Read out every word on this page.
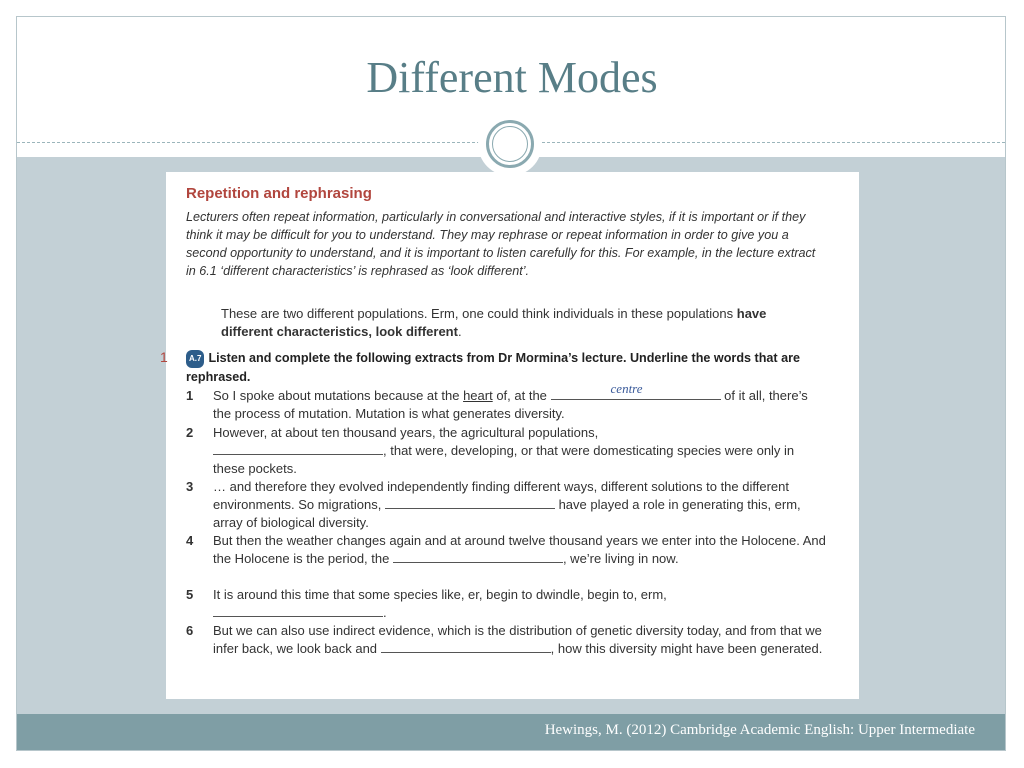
Different Modes
Repetition and rephrasing
Lecturers often repeat information, particularly in conversational and interactive styles, if it is important or if they think it may be difficult for you to understand. They may rephrase or repeat information in order to give you a second opportunity to understand, and it is important to listen carefully for this. For example, in the lecture extract in 6.1 ‘different characteristics’ is rephrased as ‘look different’.
These are two different populations. Erm, one could think individuals in these populations have different characteristics, look different.
1	A.7 Listen and complete the following extracts from Dr Mormina’s lecture. Underline the words that are rephrased.
1 So I spoke about mutations because at the heart of, at the	centre	of it all, there’s the process of mutation. Mutation is what generates diversity.
2 However, at about ten thousand years, the agricultural populations,
, that were, developing, or that were domesticating species were only in these pockets.
3 … and therefore they evolved independently finding different ways, different solutions to the different environments. So migrations,	have played a role in generating this, erm, array of biological diversity.
4 But then the weather changes again and at around twelve thousand years we enter into the Holocene. And the Holocene is the period, the	, we’re living in now.
5 It is around this time that some species like, er, begin to dwindle, begin to, erm,
.
6 But we can also use indirect evidence, which is the distribution of genetic diversity today, and from that we infer back, we look back and	, how this diversity might have been generated.
Hewings, M. (2012) Cambridge Academic English: Upper Intermediate
